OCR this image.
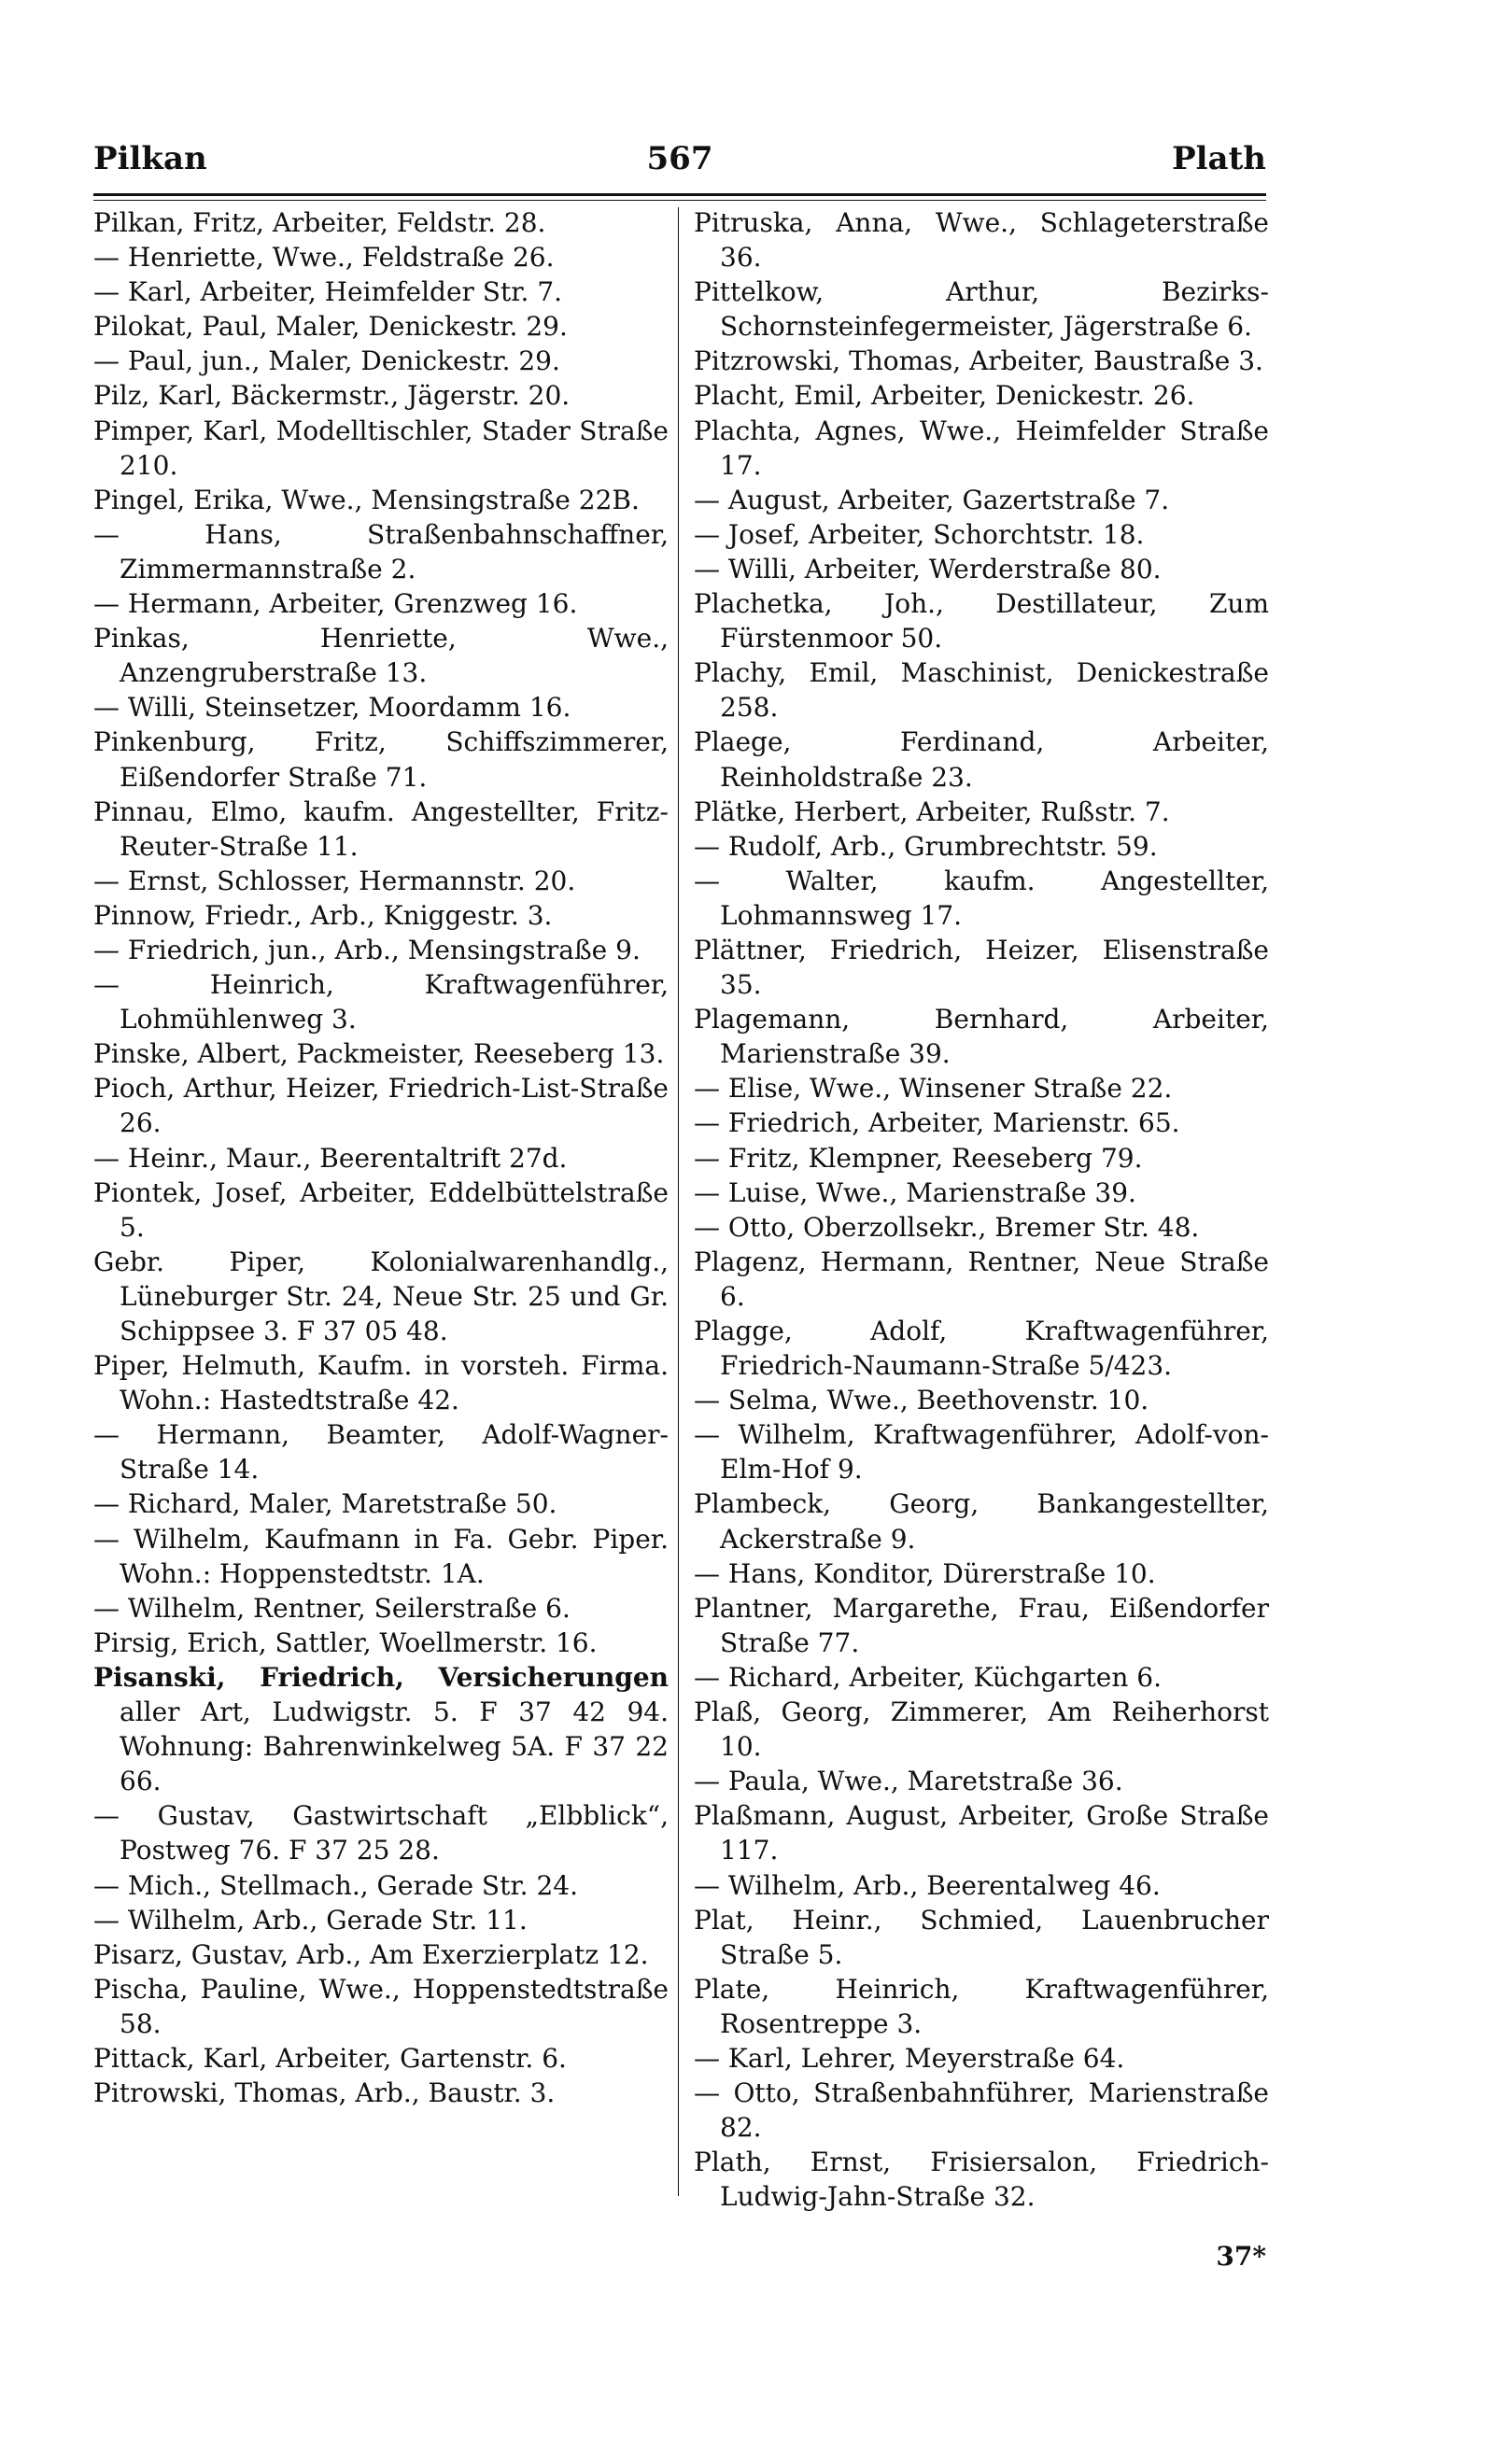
Pilkan	567	Plath

Pilkan, Fritz, Arbeiter, Feldstr. 28.

— Henriette, Wwe., Feldstraße 26.

— Karl, Arbeiter, Heimfelder Str. 7.

Pilokat, Paul, Maler, Denickestr. 29.

— Paul, jun., Maler, Denickestr. 29.

Pilz, Karl, Bäckermstr., Jägerstr. 20.

Pimper, Karl, Modelltischler, Stader Straße 210.

Pingel, Erika, Wwe., Mensingstraße 22B.

— Hans, Straßenbahnschaffner, Zimmermannstraße 2.

— Hermann, Arbeiter, Grenzweg 16.

Pinkas, Henriette, Wwe., Anzengruberstraße 13.

— Willi, Steinsetzer, Moordamm 16.

Pinkenburg, Fritz, Schiffszimmerer, Eißendorfer Straße 71.

Pinnau, Elmo, kaufm. Angestellter, Fritz-Reuter-Straße 11.

— Ernst, Schlosser, Hermannstr. 20.

Pinnow, Friedr., Arb., Kniggestr. 3.

— Friedrich, jun., Arb., Mensingstraße 9.

— Heinrich, Kraftwagenführer, Lohmühlenweg 3.

Pinske, Albert, Packmeister, Reeseberg 13.

Pioch, Arthur, Heizer, Friedrich-List-Straße 26.

— Heinr., Maur., Beerentaltrift 27d.

Piontek, Josef, Arbeiter, Eddelbüttelstraße 5.

Gebr. Piper, Kolonialwarenhandlg., Lüneburger Str. 24, Neue Str. 25 und Gr. Schippsee 3. F 37 05 48.

Piper, Helmuth, Kaufm. in vorsteh. Firma. Wohn.: Hastedtstraße 42.

— Hermann, Beamter, Adolf-Wagner-Straße 14.

— Richard, Maler, Maretstraße 50.

— Wilhelm, Kaufmann in Fa. Gebr. Piper. Wohn.: Hoppenstedtstr. 1A.

— Wilhelm, Rentner, Seilerstraße 6.

Pirsig, Erich, Sattler, Woellmerstr. 16.

Pisanski, Friedrich, Versicherungen aller Art, Ludwigstr. 5. F 37 42 94. Wohnung: Bahrenwinkelweg 5A. F 37 22 66.

— Gustav, Gastwirtschaft „Elbblick“, Postweg 76. F 37 25 28.

— Mich., Stellmach., Gerade Str. 24.

— Wilhelm, Arb., Gerade Str. 11.

Pisarz, Gustav, Arb., Am Exerzierplatz 12.

Pischa, Pauline, Wwe., Hoppenstedtstraße 58.

Pittack, Karl, Arbeiter, Gartenstr. 6.

Pitrowski, Thomas, Arb., Baustr. 3.

Pitruska, Anna, Wwe., Schlageterstraße 36.

Pittelkow, Arthur, Bezirks-Schornsteinfegermeister, Jägerstraße 6.

Pitzrowski, Thomas, Arbeiter, Baustraße 3.

Placht, Emil, Arbeiter, Denickestr. 26.

Plachta, Agnes, Wwe., Heimfelder Straße 17.

— August, Arbeiter, Gazertstraße 7.

— Josef, Arbeiter, Schorchtstr. 18.

— Willi, Arbeiter, Werderstraße 80.

Plachetka, Joh., Destillateur, Zum Fürstenmoor 50.

Plachy, Emil, Maschinist, Denickestraße 258.

Plaege, Ferdinand, Arbeiter, Reinholdstraße 23.

Plätke, Herbert, Arbeiter, Rußstr. 7.

— Rudolf, Arb., Grumbrechtstr. 59.

— Walter, kaufm. Angestellter, Lohmannsweg 17.

Plättner, Friedrich, Heizer, Elisenstraße 35.

Plagemann, Bernhard, Arbeiter, Marienstraße 39.

— Elise, Wwe., Winsener Straße 22.

— Friedrich, Arbeiter, Marienstr. 65.

— Fritz, Klempner, Reeseberg 79.

— Luise, Wwe., Marienstraße 39.

— Otto, Oberzollsekr., Bremer Str. 48.

Plagenz, Hermann, Rentner, Neue Straße 6.

Plagge, Adolf, Kraftwagenführer, Friedrich-Naumann-Straße 5/423.

— Selma, Wwe., Beethovenstr. 10.

— Wilhelm, Kraftwagenführer, Adolf-von-Elm-Hof 9.

Plambeck, Georg, Bankangestellter, Ackerstraße 9.

— Hans, Konditor, Dürerstraße 10.

Plantner, Margarethe, Frau, Eißendorfer Straße 77.

— Richard, Arbeiter, Küchgarten 6.

Plaß, Georg, Zimmerer, Am Reiherhorst 10.

— Paula, Wwe., Maretstraße 36.

Plaßmann, August, Arbeiter, Große Straße 117.

— Wilhelm, Arb., Beerentalweg 46.

Plat, Heinr., Schmied, Lauenbrucher Straße 5.

Plate, Heinrich, Kraftwagenführer, Rosentreppe 3.

— Karl, Lehrer, Meyerstraße 64.

— Otto, Straßenbahnführer, Marienstraße 82.

Plath, Ernst, Frisiersalon, Friedrich-Ludwig-Jahn-Straße 32.

37*
